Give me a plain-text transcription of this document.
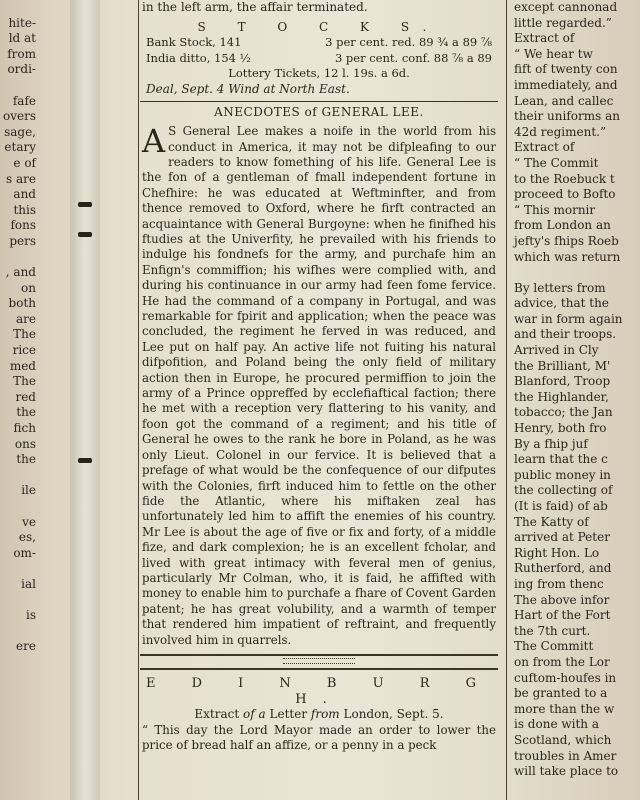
hite-
ld at
from
ordi-
fafe
overs
sage,
etary
e of
s are
and
this
fons
pers
, and
on
both
are
The
rice
med
The
red
the
fich
ons
the
ile
ve
es,
om-
ial
is
ere
in the left arm, the affair terminated.
S T O C K S.
Bank Stock, 141	3 per cent. red. 89 ¾ a 89 ⅞
India ditto, 154 ½	3 per cent. conf. 88 ⅞ a 89
Lottery Tickets, 12 l. 19s. a 6d.
Deal, Sept. 4 Wind at North East.
ANECDOTES of GENERAL LEE.
A S General Lee makes a noife in the world from his conduct in America, it may not be difpleafing to our readers to know fomething of his life. General Lee is the fon of a gentleman of fmall independent fortune in Chefhire: he was educated at Weftminfter, and from thence removed to Oxford, where he firft contracted an acquaintance with General Burgoyne: when he finifhed his ftudies at the Univerfity, he prevailed with his friends to indulge his fondnefs for the army, and purchafe him an Enfign's commiffion; his wifhes were complied with, and during his continuance in our army had feen fome fervice. He had the command of a company in Portugal, and was remarkable for fpirit and application; when the peace was concluded, the regiment he ferved in was reduced, and Lee put on half pay. An active life not fuiting his natural difpofition, and Poland being the only field of military action then in Europe, he procured permiffion to join the army of a Prince oppreffed by ecclefiaftical faction; there he met with a reception very flattering to his vanity, and foon got the command of a regiment; and his title of General he owes to the rank he bore in Poland, as he was only Lieut. Colonel in our fervice. It is believed that a prefage of what would be the confequence of our difputes with the Colonies, firft induced him to fettle on the other fide the Atlantic, where his miftaken zeal has unfortunately led him to affift the enemies of his country. Mr Lee is about the age of five or fix and forty, of a middle fize, and dark complexion; he is an excellent fcholar, and lived with great intimacy with feveral men of genius, particularly Mr Colman, who, it is faid, he affifted with money to enable him to purchafe a fhare of Covent Garden patent; he has great volubility, and a warmth of temper that rendered him impatient of reftraint, and frequently involved him in quarrels.
E D I N B U R G H.
Extract of a Letter from London, Sept. 5.
“ This day the Lord Mayor made an order to lower the price of bread half an affize, or a penny in a peck
except cannonad
little regarded.”
Extract of
“ We hear tw
fift of twenty con
immediately, and
Lean, and callec
their uniforms an
42d regiment.”
Extract of
“ The Commit
to the Roebuck t
proceed to Bofto
“ This mornir
from London an
jefty's fhips Roeb
which was return
By letters from
advice, that the
war in form again
and their troops.
Arrived in Cly
the Brilliant, M'
Blanford, Troop
the Highlander,
tobacco; the Jan
Henry, both fro
By a fhip juf
learn that the c
public money in
the collecting of
(It is faid) of ab
The Katty of
arrived at Peter
Right Hon. Lo
Rutherford, and
ing from thenc
The above infor
Hart of the Fort
the 7th curt.
The Committ
on from the Lor
cuftom-houfes in
be granted to a
more than the w
is done with a
Scotland, which
troubles in Amer
will take place to
